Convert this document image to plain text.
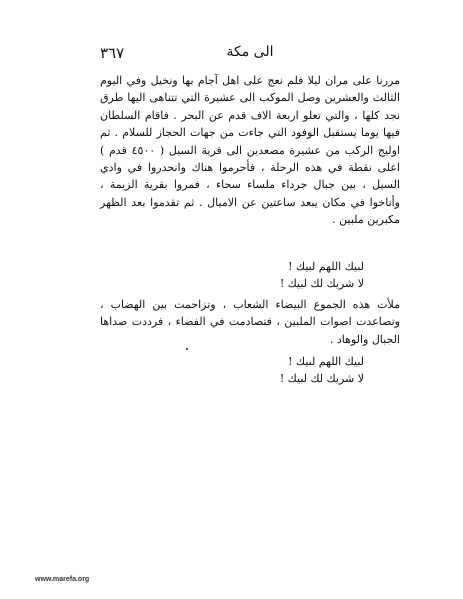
٣٦٧	الى مكة

مررنا على مران ليلا فلم نعج على اهل آجام بها ونخيل وفي اليوم الثالث والعشرين وصل الموكب الى عشيرة التي تتناهى اليها طرق نجد كلها ، والتي تعلو اربعة الاف قدم عن البحر . فاقام السلطان فيها يوما يستقبل الوفود التي جاءت من جهات الحجاز للسلام . ثم اوليج الركب من عشيرة مصعدين الى قرية السيل ( ٤٥٠٠ قدم ) اعلى نقطة في هذه الرحلة ، فأحرموا هناك وانحدروا في وادي السيل ، بين جبال جرداء ملساء سحاء ، فمروا بقرية الزيمة ، وأناخوا في مكان يبعد ساعتين عن الاميال . ثم تقدموا بعد الظهر مكبرين ملبين .

لبيك اللهم لبيك !
لا شريك لك لبيك !

ملأت هذه الجموع البيضاء الشعاب ، وتزاحمت بين الهضاب ، وتصاعدت اصوات الملبين ، فتصادمت في الفضاء ، فرددت صداها الجبال والوهاد .

لبيك اللهم لبيك !
لا شريك لك لبيك !
www.marefa.org
